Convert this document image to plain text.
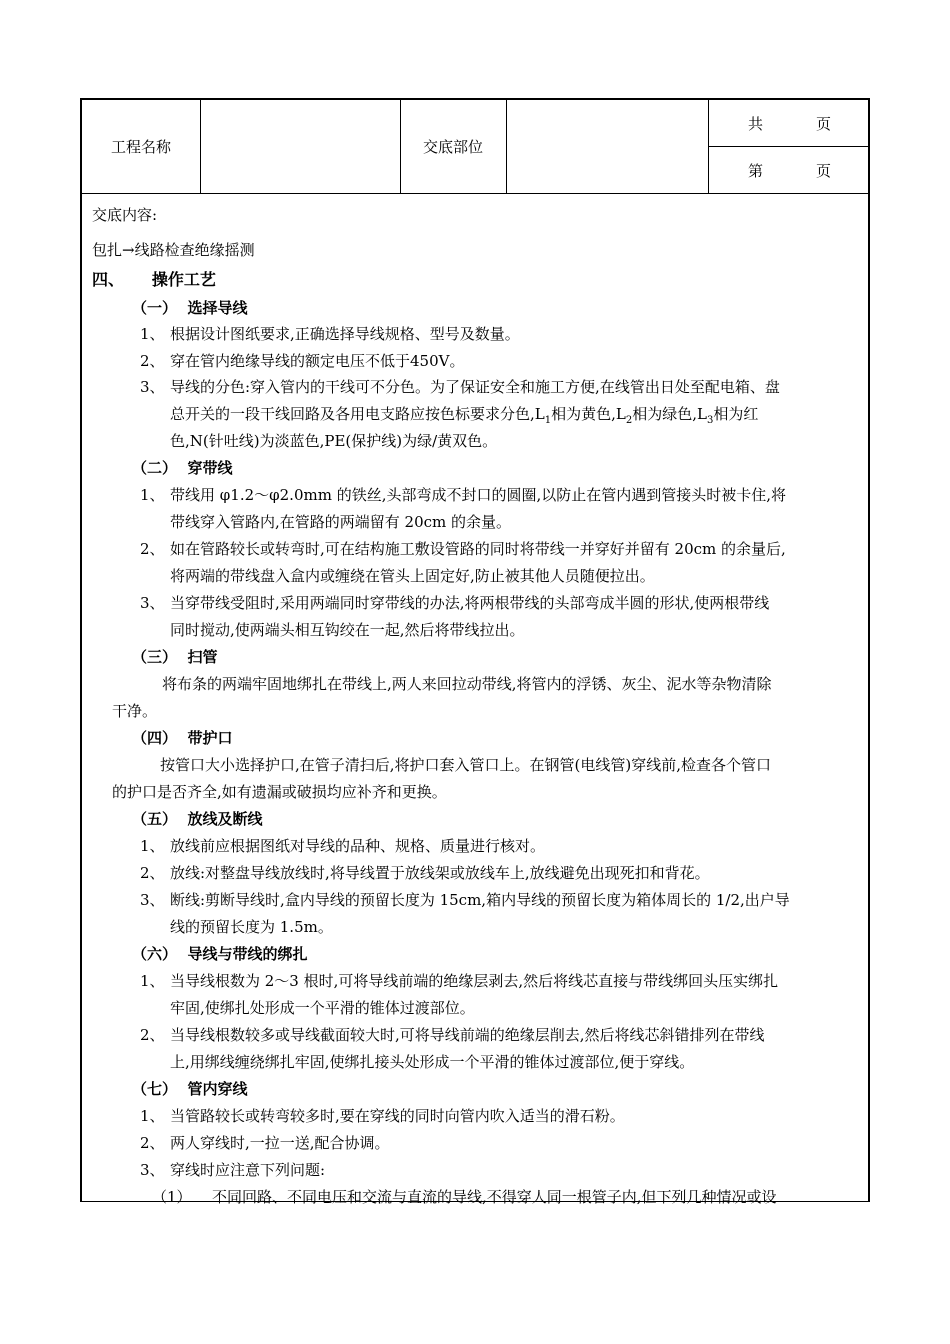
工程名称	交底部位
共	页
第	页
交底内容:
包扎→线路检查绝缘摇测
四、     操作工艺
（一）  选择导线
1、 根据设计图纸要求,正确选择导线规格、型号及数量。
2、 穿在管内绝缘导线的额定电压不低于450V。
3、 导线的分色:穿入管内的干线可不分色。为了保证安全和施工方便,在线管出日处至配电箱、盘
总开关的一段干线回路及各用电支路应按色标要求分色$,L_1$相为黄色$,L_2$相为绿色$,L_3$相为红
色,N(针吐线)为淡蓝色,PE(保护线)为绿/黄双色。
（二）  穿带线
1、 带线用 φ1.2～φ2.0mm 的铁丝,头部弯成不封口的圆圈,以防止在管内遇到管接头时被卡住,将
带线穿入管路内,在管路的两端留有 20cm 的余量。
2、 如在管路较长或转弯时,可在结构施工敷设管路的同时将带线一并穿好并留有 20cm 的余量后,
将两端的带线盘入盒内或缠绕在管头上固定好,防止被其他人员随便拉出。
3、 当穿带线受阻时,采用两端同时穿带线的办法,将两根带线的头部弯成半圆的形状,使两根带线
同时搅动,使两端头相互钩绞在一起,然后将带线拉出。
（三）  扫管
将布条的两端牢固地绑扎在带线上,两人来回拉动带线,将管内的浮锈、灰尘、泥水等杂物清除
干净。
（四）  带护口
按管口大小选择护口,在管子清扫后,将护口套入管口上。在钢管(电线管)穿线前,检查各个管口
的护口是否齐全,如有遗漏或破损均应补齐和更换。
（五）  放线及断线
1、 放线前应根据图纸对导线的品种、规格、质量进行核对。
2、 放线:对整盘导线放线时,将导线置于放线架或放线车上,放线避免出现死扣和背花。
3、 断线:剪断导线时,盒内导线的预留长度为 15cm,箱内导线的预留长度为箱体周长的 1/2,出户导
线的预留长度为 1.5m。
（六）  导线与带线的绑扎
1、 当导线根数为 2～3 根时,可将导线前端的绝缘层剥去,然后将线芯直接与带线绑回头压实绑扎
牢固,使绑扎处形成一个平滑的锥体过渡部位。
2、 当导线根数较多或导线截面较大时,可将导线前端的绝缘层削去,然后将线芯斜错排列在带线
上,用绑线缠绕绑扎牢固,使绑扎接头处形成一个平滑的锥体过渡部位,便于穿线。
（七）  管内穿线
1、 当管路较长或转弯较多时,要在穿线的同时向管内吹入适当的滑石粉。
2、 两人穿线时,一拉一送,配合协调。
3、 穿线时应注意下列问题:
（1） 不同回路、不同电压和交流与直流的导线,不得穿人同一根管子内,但下列几种情况或设
